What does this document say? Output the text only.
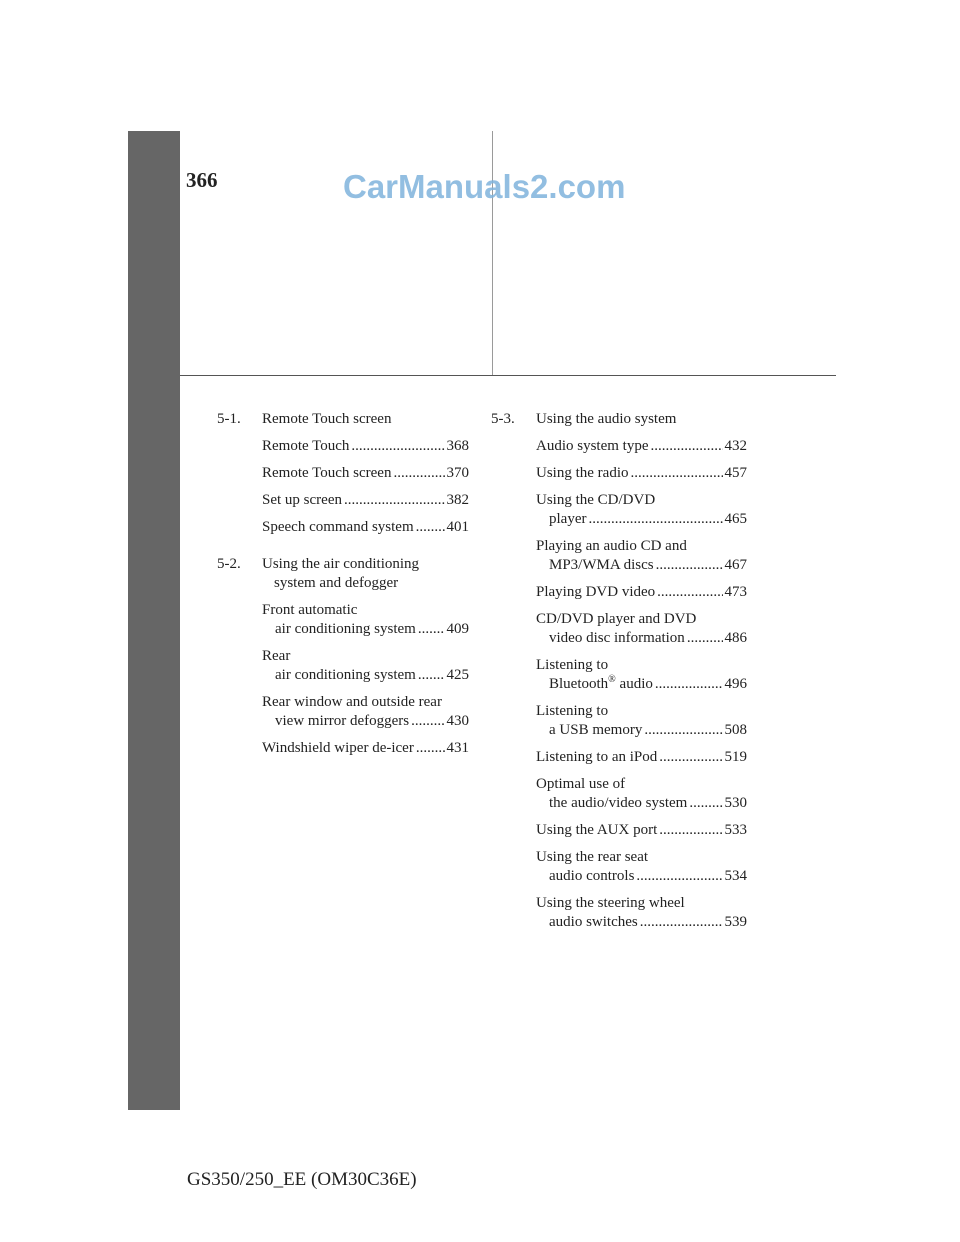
366	CarManuals2.com
5-1. Remote Touch screen
Remote Touch .....	368
Remote Touch screen .....	370
Set up screen .....	382
Speech command system ..... 401
5-2. Using the air conditioning
system and defogger
Front automatic
air conditioning system ..... 409
Rear
air conditioning system ..... 425
Rear window and outside rear
view mirror defoggers ..... 430
Windshield wiper de-icer ..... 431
5-3. Using the audio system
Audio system type .....	432
Using the radio .....	457
Using the CD/DVD
player .....	465
Playing an audio CD and
MP3/WMA discs .....	467
Playing DVD video .....	473
CD/DVD player and DVD
video disc information .....	486
Listening to
Bluetooth® audio .....	496
Listening to
a USB memory .....	508
Listening to an iPod .....	519
Optimal use of
the audio/video system ..... 530
Using the AUX port .....	533
Using the rear seat
audio controls .....	534
Using the steering wheel
audio switches .....	539
GS350/250_EE (OM30C36E)
